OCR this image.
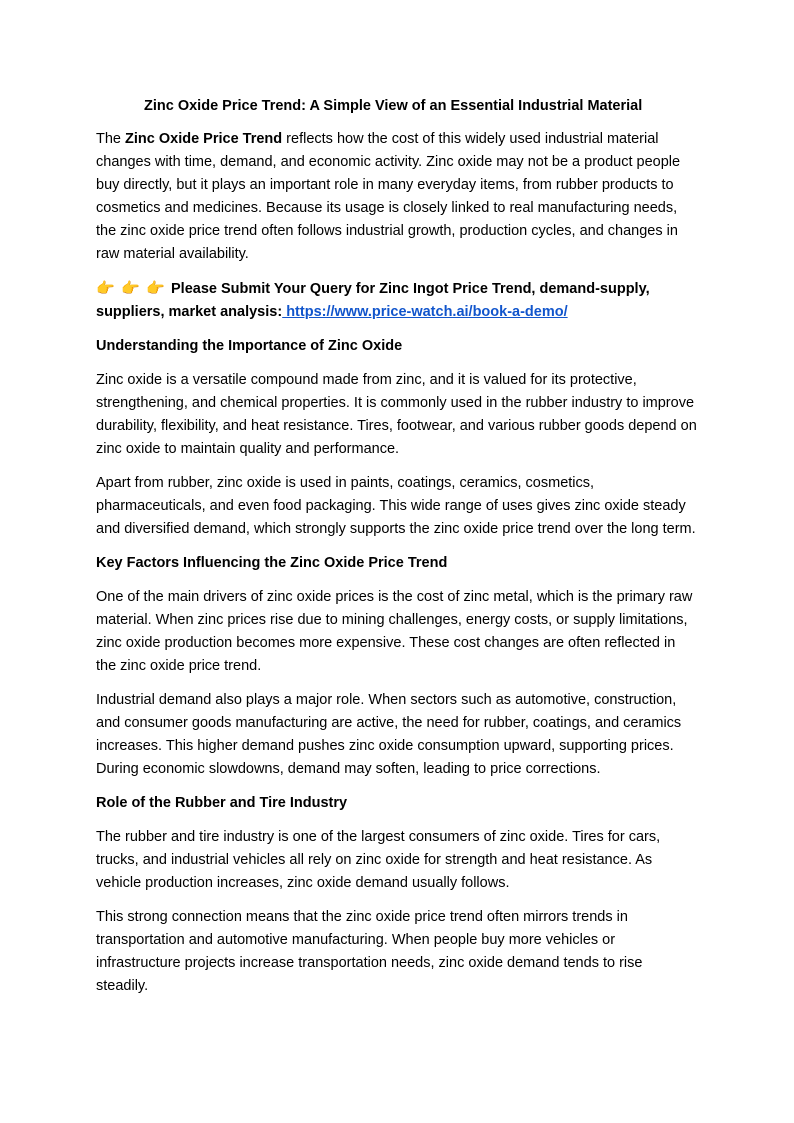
Zinc Oxide Price Trend: A Simple View of an Essential Industrial Material

The Zinc Oxide Price Trend reflects how the cost of this widely used industrial material changes with time, demand, and economic activity. Zinc oxide may not be a product people buy directly, but it plays an important role in many everyday items, from rubber products to cosmetics and medicines. Because its usage is closely linked to real manufacturing needs, the zinc oxide price trend often follows industrial growth, production cycles, and changes in raw material availability.

👉 👉 👉 Please Submit Your Query for Zinc Ingot Price Trend, demand-supply, suppliers, market analysis: https://www.price-watch.ai/book-a-demo/

Understanding the Importance of Zinc Oxide

Zinc oxide is a versatile compound made from zinc, and it is valued for its protective, strengthening, and chemical properties. It is commonly used in the rubber industry to improve durability, flexibility, and heat resistance. Tires, footwear, and various rubber goods depend on zinc oxide to maintain quality and performance.

Apart from rubber, zinc oxide is used in paints, coatings, ceramics, cosmetics, pharmaceuticals, and even food packaging. This wide range of uses gives zinc oxide steady and diversified demand, which strongly supports the zinc oxide price trend over the long term.

Key Factors Influencing the Zinc Oxide Price Trend

One of the main drivers of zinc oxide prices is the cost of zinc metal, which is the primary raw material. When zinc prices rise due to mining challenges, energy costs, or supply limitations, zinc oxide production becomes more expensive. These cost changes are often reflected in the zinc oxide price trend.

Industrial demand also plays a major role. When sectors such as automotive, construction, and consumer goods manufacturing are active, the need for rubber, coatings, and ceramics increases. This higher demand pushes zinc oxide consumption upward, supporting prices. During economic slowdowns, demand may soften, leading to price corrections.

Role of the Rubber and Tire Industry

The rubber and tire industry is one of the largest consumers of zinc oxide. Tires for cars, trucks, and industrial vehicles all rely on zinc oxide for strength and heat resistance. As vehicle production increases, zinc oxide demand usually follows.

This strong connection means that the zinc oxide price trend often mirrors trends in transportation and automotive manufacturing. When people buy more vehicles or infrastructure projects increase transportation needs, zinc oxide demand tends to rise steadily.
